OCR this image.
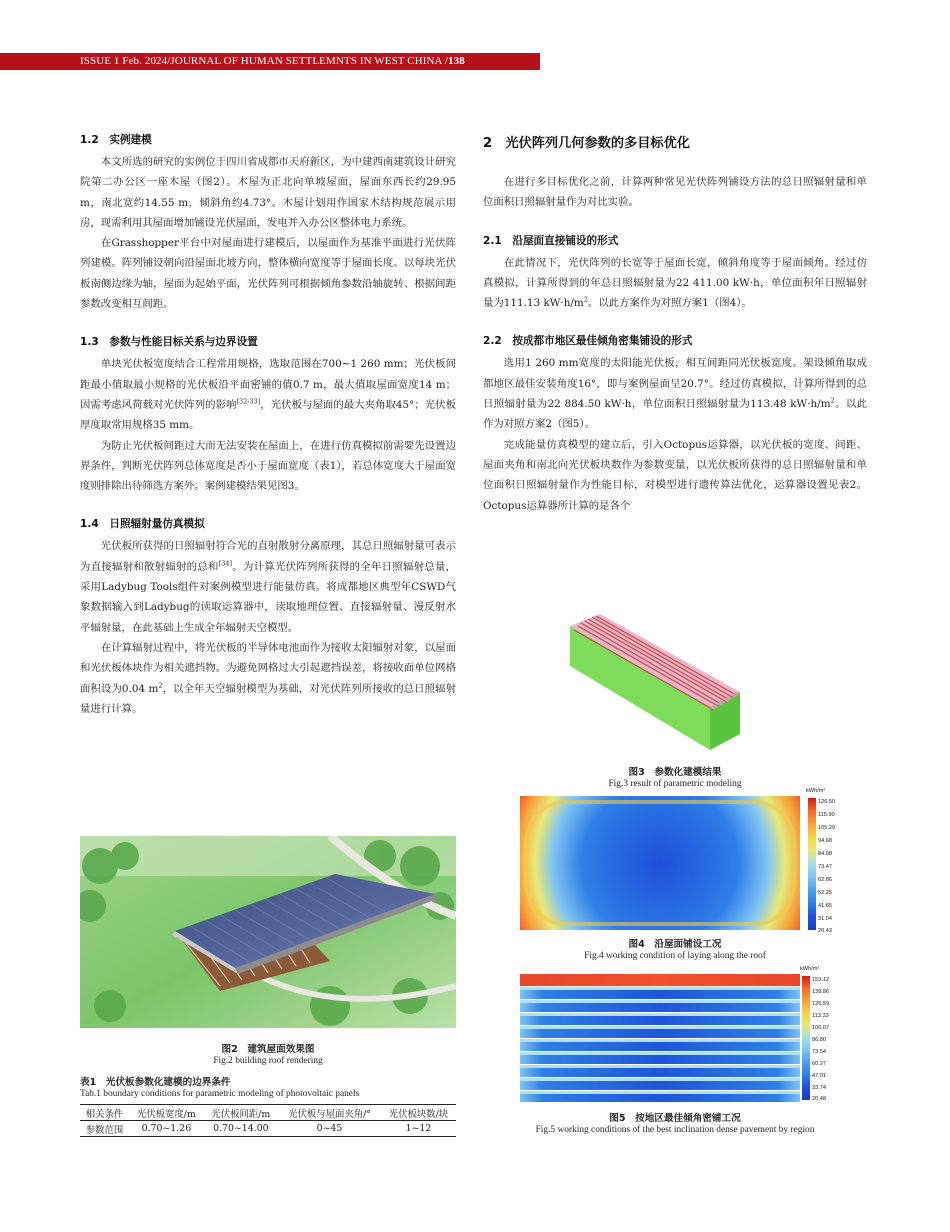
ISSUE 1 Feb. 2024/JOURNAL OF HUMAN SETTLEMNTS IN WEST CHINA /138
1.2　实例建模

本文所选的研究的实例位于四川省成都市天府新区，为中建西南建筑设计研究院第二办公区一座木屋（图2）。木屋为正北向单坡屋面，屋面东西长约29.95 m，南北宽约14.55 m，倾斜角约4.73°。木屋计划用作国家木结构规范展示用房，现需利用其屋面增加铺设光伏屋面，发电并入办公区整体电力系统。

在Grasshopper平台中对屋面进行建模后，以屋面作为基准平面进行光伏阵列建模。阵列铺设朝向沿屋面北坡方向，整体横向宽度等于屋面长度。以每块光伏板南侧边缘为轴，屋面为起始平面，光伏阵列可根据倾角参数沿轴旋转、根据间距参数改变相互间距。

1.3　参数与性能目标关系与边界设置

单块光伏板宽度结合工程常用规格，选取范围在700~1 260 mm；光伏板间距最小值取最小规格的光伏板沿平面密铺的值0.7 m，最大值取屋面宽度14 m；因需考虑风荷载对光伏阵列的影响[32-33]，光伏板与屋面的最大夹角取45°；光伏板厚度取常用规格35 mm。

为防止光伏板间距过大而无法安装在屋面上，在进行仿真模拟前需要先设置边界条件，判断光伏阵列总体宽度是否小于屋面宽度（表1），若总体宽度大于屋面宽度则排除出待筛选方案外。案例建模结果见图3。

1.4　日照辐射量仿真模拟

光伏板所获得的日照辐射符合光的直射散射分离原理，其总日照辐射量可表示为直接辐射和散射辐射的总和[34]。为计算光伏阵列所获得的全年日照辐射总量，采用Ladybug Tools组件对案例模型进行能量仿真。将成都地区典型年CSWD气象数据输入到Ladybug的读取运算器中，读取地理位置、直接辐射量、漫反射水平辐射量，在此基础上生成全年辐射天空模型。

在计算辐射过程中，将光伏板的半导体电池面作为接收太阳辐射对象，以屋面和光伏板体块作为相关遮挡物。为避免网格过大引起遮挡误差，将接收面单位网格面积设为0.04 $m^2$，以全年天空辐射模型为基础，对光伏阵列所接收的总日照辐射量进行计算。

图2　建筑屋面效果图
Fig.2 building roof rendering
表1　光伏板参数化建模的边界条件
Tab.1 boundary conditions for parametric modeling of photovoltaic panels
相关条件	光伏板宽度/m	光伏板间距/m	光伏板与屋面夹角/°	光伏板块数/块
参数范围	0.70~1.26	0.70~14.00	0~45	1~12
2　光伏阵列几何参数的多目标优化

在进行多目标优化之前，计算两种常见光伏阵列铺设方法的总日照辐射量和单位面积日照辐射量作为对比实验。

2.1　沿屋面直接铺设的形式

在此情况下，光伏阵列的长宽等于屋面长宽，倾斜角度等于屋面倾角。经过仿真模拟，计算所得到的年总日照辐射量为22 411.00 kW·h，单位面积年日照辐射量为111.13 $kW\cdot h/m^2$。以此方案作为对照方案1（图4）。

2.2　按成都市地区最佳倾角密集铺设的形式

选用1 260 mm宽度的太阳能光伏板，相互间距同光伏板宽度。架设倾角取成都地区最佳安装角度16°，即与案例屋面呈20.7°。经过仿真模拟，计算所得到的总日照辐射量为22 884.50 kW·h，单位面积日照辐射量为113.48 $kW\cdot h/m^2$。以此作为对照方案2（图5）。

完成能量仿真模型的建立后，引入Octopus运算器，以光伏板的宽度、间距、屋面夹角和南北向光伏板块数作为参数变量，以光伏板所获得的总日照辐射量和单位面积日照辐射量作为性能目标，对模型进行遗传算法优化，运算器设置见表2。Octopus运算器所计算的是各个

图3　参数化建模结果
Fig.3 result of parametric modeling
kWh/m²
126.50
115.90
105.29
94.68
84.08
73.47
62.86
52.25
41.65
31.04
20.43
图4　沿屋面铺设工况
Fig.4 working condition of laying along the roof
kWh/m²
153.12
139.86
126.59
113.33
100.07
86.80
73.54
60.27
47.01
33.74
20.48
图5　按地区最佳倾角密铺工况
Fig.5 working conditions of the best inclination dense pavement by region
